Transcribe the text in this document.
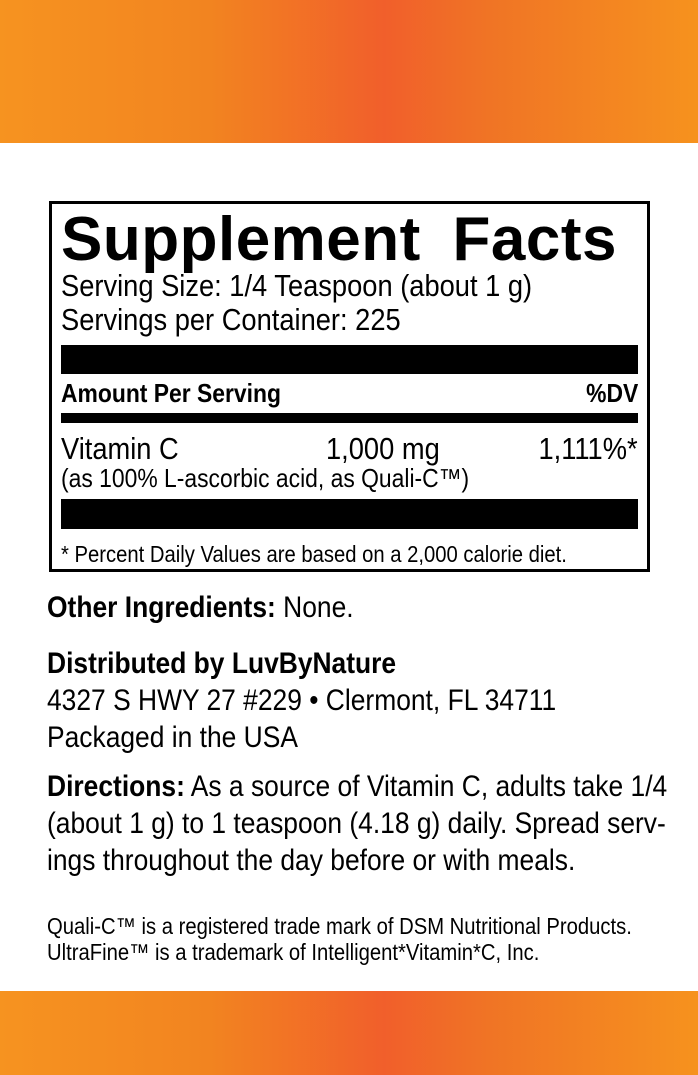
Supplement Facts
Serving Size: 1/4 Teaspoon (about 1 g)
Servings per Container: 225
Amount Per Serving	%DV
Vitamin C	1,000 mg	1,111%*
(as 100% L-ascorbic acid, as Quali-C™)
* Percent Daily Values are based on a 2,000 calorie diet.
Other Ingredients: None.
Distributed by LuvByNature
4327 S HWY 27 #229 • Clermont, FL 34711
Packaged in the USA
Directions: As a source of Vitamin C, adults take 1/4
(about 1 g) to 1 teaspoon (4.18 g) daily. Spread serv-
ings throughout the day before or with meals.
Quali-C™ is a registered trade mark of DSM Nutritional Products.
UltraFine™ is a trademark of Intelligent*Vitamin*C, Inc.
